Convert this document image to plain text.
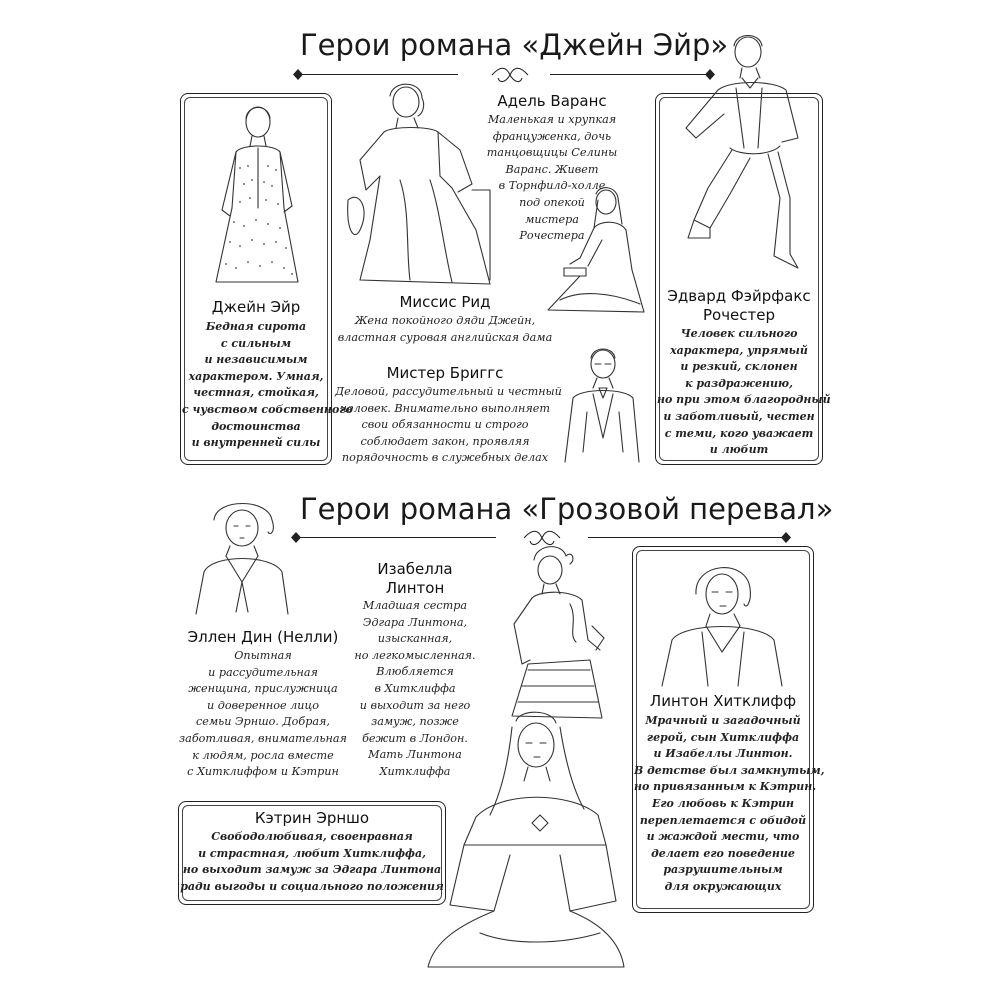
Герои романа «Джейн Эйр»
Джейн Эйр
Бедная сирота
с сильным
и независимым
характером. Умная,
честная, стойкая,
с чувством собственного
достоинства
и внутренней силы
Адель Варанс
Маленькая и хрупкая
француженка, дочь
танцовщицы Селины
Варанс. Живет
в Торнфилд-холле
под опекой
мистера
Рочестера
Миссис Рид
Жена покойного дяди Джейн,
властная суровая английская дама
Мистер Бриггс
Деловой, рассудительный и честный
человек. Внимательно выполняет
свои обязанности и строго
соблюдает закон, проявляя
порядочность в служебных делах
Эдвард Фэйрфакс
Рочестер
Человек сильного
характера, упрямый
и резкий, склонен
к раздражению,
но при этом благородный
и заботливый, честен
с теми, кого уважает
и любит
Герои романа «Грозовой перевал»
Эллен Дин (Нелли)
Опытная
и рассудительная
женщина, прислужница
и доверенное лицо
семьи Эрншо. Добрая,
заботливая, внимательная
к людям, росла вместе
с Хитклиффом и Кэтрин
Изабелла
Линтон
Младшая сестра
Эдгара Линтона,
изысканная,
но легкомысленная.
Влюбляется
в Хитклиффа
и выходит за него
замуж, позже
бежит в Лондон.
Мать Линтона
Хитклиффа
Линтон Хитклифф
Мрачный и загадочный
герой, сын Хитклиффа
и Изабеллы Линтон.
В детстве был замкнутым,
но привязанным к Кэтрин.
Его любовь к Кэтрин
переплетается с обидой
и жаждой мести, что
делает его поведение
разрушительным
для окружающих
Кэтрин Эрншо
Свободолюбивая, своенравная
и страстная, любит Хитклиффа,
но выходит замуж за Эдгара Линтона
ради выгоды и социального положения
